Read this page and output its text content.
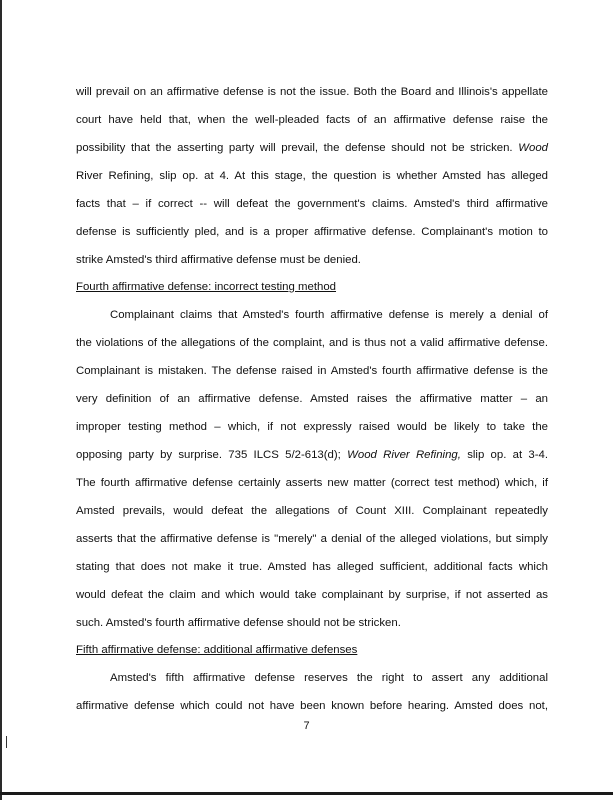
will prevail on an affirmative defense is not the issue. Both the Board and Illinois's appellate
court have held that, when the well-pleaded facts of an affirmative defense raise the
possibility that the asserting party will prevail, the defense should not be stricken. Wood
River Refining, slip op. at 4. At this stage, the question is whether Amsted has alleged
facts that – if correct -- will defeat the government's claims. Amsted's third affirmative
defense is sufficiently pled, and is a proper affirmative defense. Complainant's motion to
strike Amsted's third affirmative defense must be denied.
Fourth affirmative defense: incorrect testing method
Complainant claims that Amsted's fourth affirmative defense is merely a denial of
the violations of the allegations of the complaint, and is thus not a valid affirmative defense.
Complainant is mistaken. The defense raised in Amsted's fourth affirmative defense is the
very definition of an affirmative defense. Amsted raises the affirmative matter – an
improper testing method – which, if not expressly raised would be likely to take the
opposing party by surprise. 735 ILCS 5/2-613(d); Wood River Refining, slip op. at 3-4.
The fourth affirmative defense certainly asserts new matter (correct test method) which, if
Amsted prevails, would defeat the allegations of Count XIII. Complainant repeatedly
asserts that the affirmative defense is "merely" a denial of the alleged violations, but simply
stating that does not make it true. Amsted has alleged sufficient, additional facts which
would defeat the claim and which would take complainant by surprise, if not asserted as
such. Amsted's fourth affirmative defense should not be stricken.
Fifth affirmative defense: additional affirmative defenses
Amsted's fifth affirmative defense reserves the right to assert any additional
affirmative defense which could not have been known before hearing. Amsted does not,
7
